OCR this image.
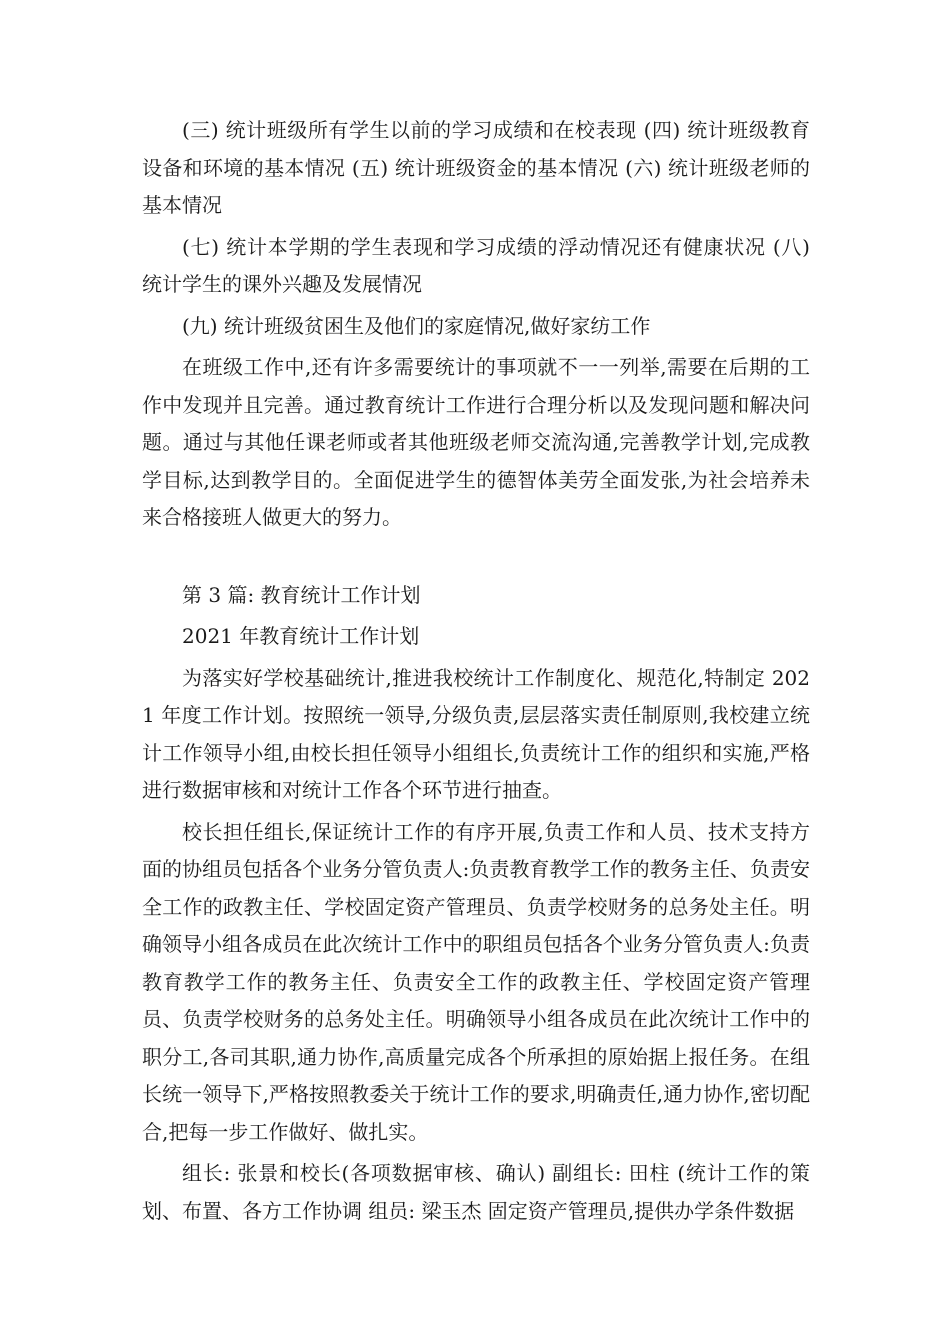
(三) 统计班级所有学生以前的学习成绩和在校表现 (四) 统计班级教育设备和环境的基本情况 (五) 统计班级资金的基本情况 (六) 统计班级老师的基本情况

(七) 统计本学期的学生表现和学习成绩的浮动情况还有健康状况 (八) 统计学生的课外兴趣及发展情况

(九) 统计班级贫困生及他们的家庭情况,做好家纺工作

在班级工作中,还有许多需要统计的事项就不一一列举,需要在后期的工作中发现并且完善。通过教育统计工作进行合理分析以及发现问题和解决问题。通过与其他任课老师或者其他班级老师交流沟通,完善教学计划,完成教学目标,达到教学目的。全面促进学生的德智体美劳全面发张,为社会培养未来合格接班人做更大的努力。

第 3 篇: 教育统计工作计划

2021 年教育统计工作计划

为落实好学校基础统计,推进我校统计工作制度化、规范化,特制定 2021 年度工作计划。按照统一领导,分级负责,层层落实责任制原则,我校建立统计工作领导小组,由校长担任领导小组组长,负责统计工作的组织和实施,严格进行数据审核和对统计工作各个环节进行抽查。

校长担任组长,保证统计工作的有序开展,负责工作和人员、技术支持方面的协组员包括各个业务分管负责人:负责教育教学工作的教务主任、负责安全工作的政教主任、学校固定资产管理员、负责学校财务的总务处主任。明确领导小组各成员在此次统计工作中的职组员包括各个业务分管负责人:负责教育教学工作的教务主任、负责安全工作的政教主任、学校固定资产管理员、负责学校财务的总务处主任。明确领导小组各成员在此次统计工作中的职分工,各司其职,通力协作,高质量完成各个所承担的原始据上报任务。在组长统一领导下,严格按照教委关于统计工作的要求,明确责任,通力协作,密切配合,把每一步工作做好、做扎实。

组长: 张景和校长(各项数据审核、确认) 副组长: 田柱 (统计工作的策划、布置、各方工作协调 组员: 梁玉杰 固定资产管理员,提供办学条件数据
